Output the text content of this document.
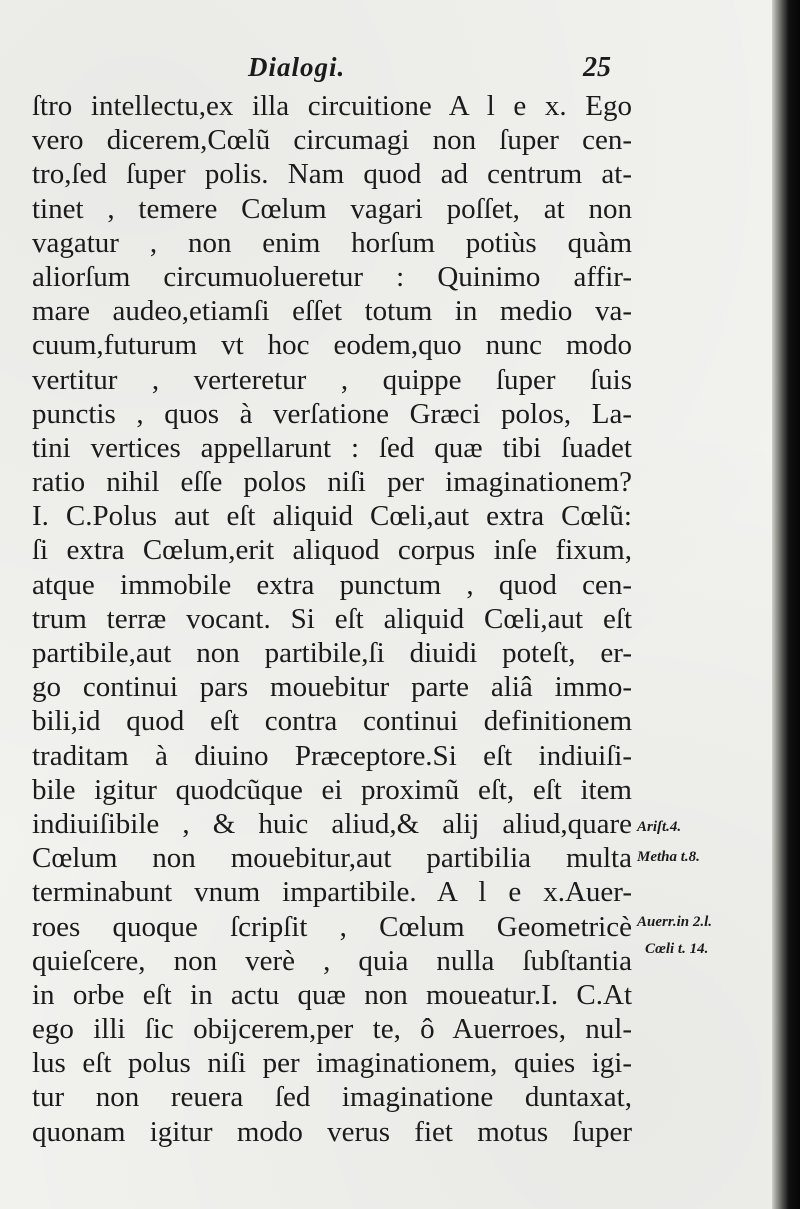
Dialogi.	25
ſtro intellectu,ex illa circuitione A l e x. Ego
vero dicerem,Cœlũ circumagi non ſuper cen-
tro,ſed ſuper polis. Nam quod ad centrum at-
tinet , temere Cœlum vagari poſſet, at non
vagatur , non enim horſum potiùs quàm
aliorſum circumuolueretur : Quinimo affir-
mare audeo,etiamſi eſſet totum in medio va-
cuum,futurum vt hoc eodem,quo nunc modo
vertitur , verteretur , quippe ſuper ſuis
punctis , quos à verſatione Græci polos, La-
tini vertices appellarunt : ſed quæ tibi ſuadet
ratio nihil eſſe polos niſi per imaginationem?
I. C.Polus aut eſt aliquid Cœli,aut extra Cœlũ:
ſi extra Cœlum,erit aliquod corpus inſe fixum,
atque immobile extra punctum , quod cen-
trum terræ vocant. Si eſt aliquid Cœli,aut eſt
partibile,aut non partibile,ſi diuidi poteſt, er-
go continui pars mouebitur parte aliâ immo-
bili,id quod eſt contra continui definitionem
traditam à diuino Præceptore.Si eſt indiuiſi-
bile igitur quodcũque ei proximũ eſt, eſt item
indiuiſibile , & huic aliud,& alij aliud,quare
Cœlum non mouebitur,aut partibilia multa
terminabunt vnum impartibile. A l e x.Auer-
roes quoque ſcripſit , Cœlum Geometricè
quieſcere, non verè , quia nulla ſubſtantia
in orbe eſt in actu quæ non moueatur.I. C.At
ego illi ſic obijcerem,per te, ô Auerroes, nul-
lus eſt polus niſi per imaginationem, quies igi-
tur non reuera ſed imaginatione duntaxat,
quonam igitur modo verus fiet motus ſuper
Ariſt.4.
Metha t.8.
Auerr.in 2.l.
Cœli t. 14.
